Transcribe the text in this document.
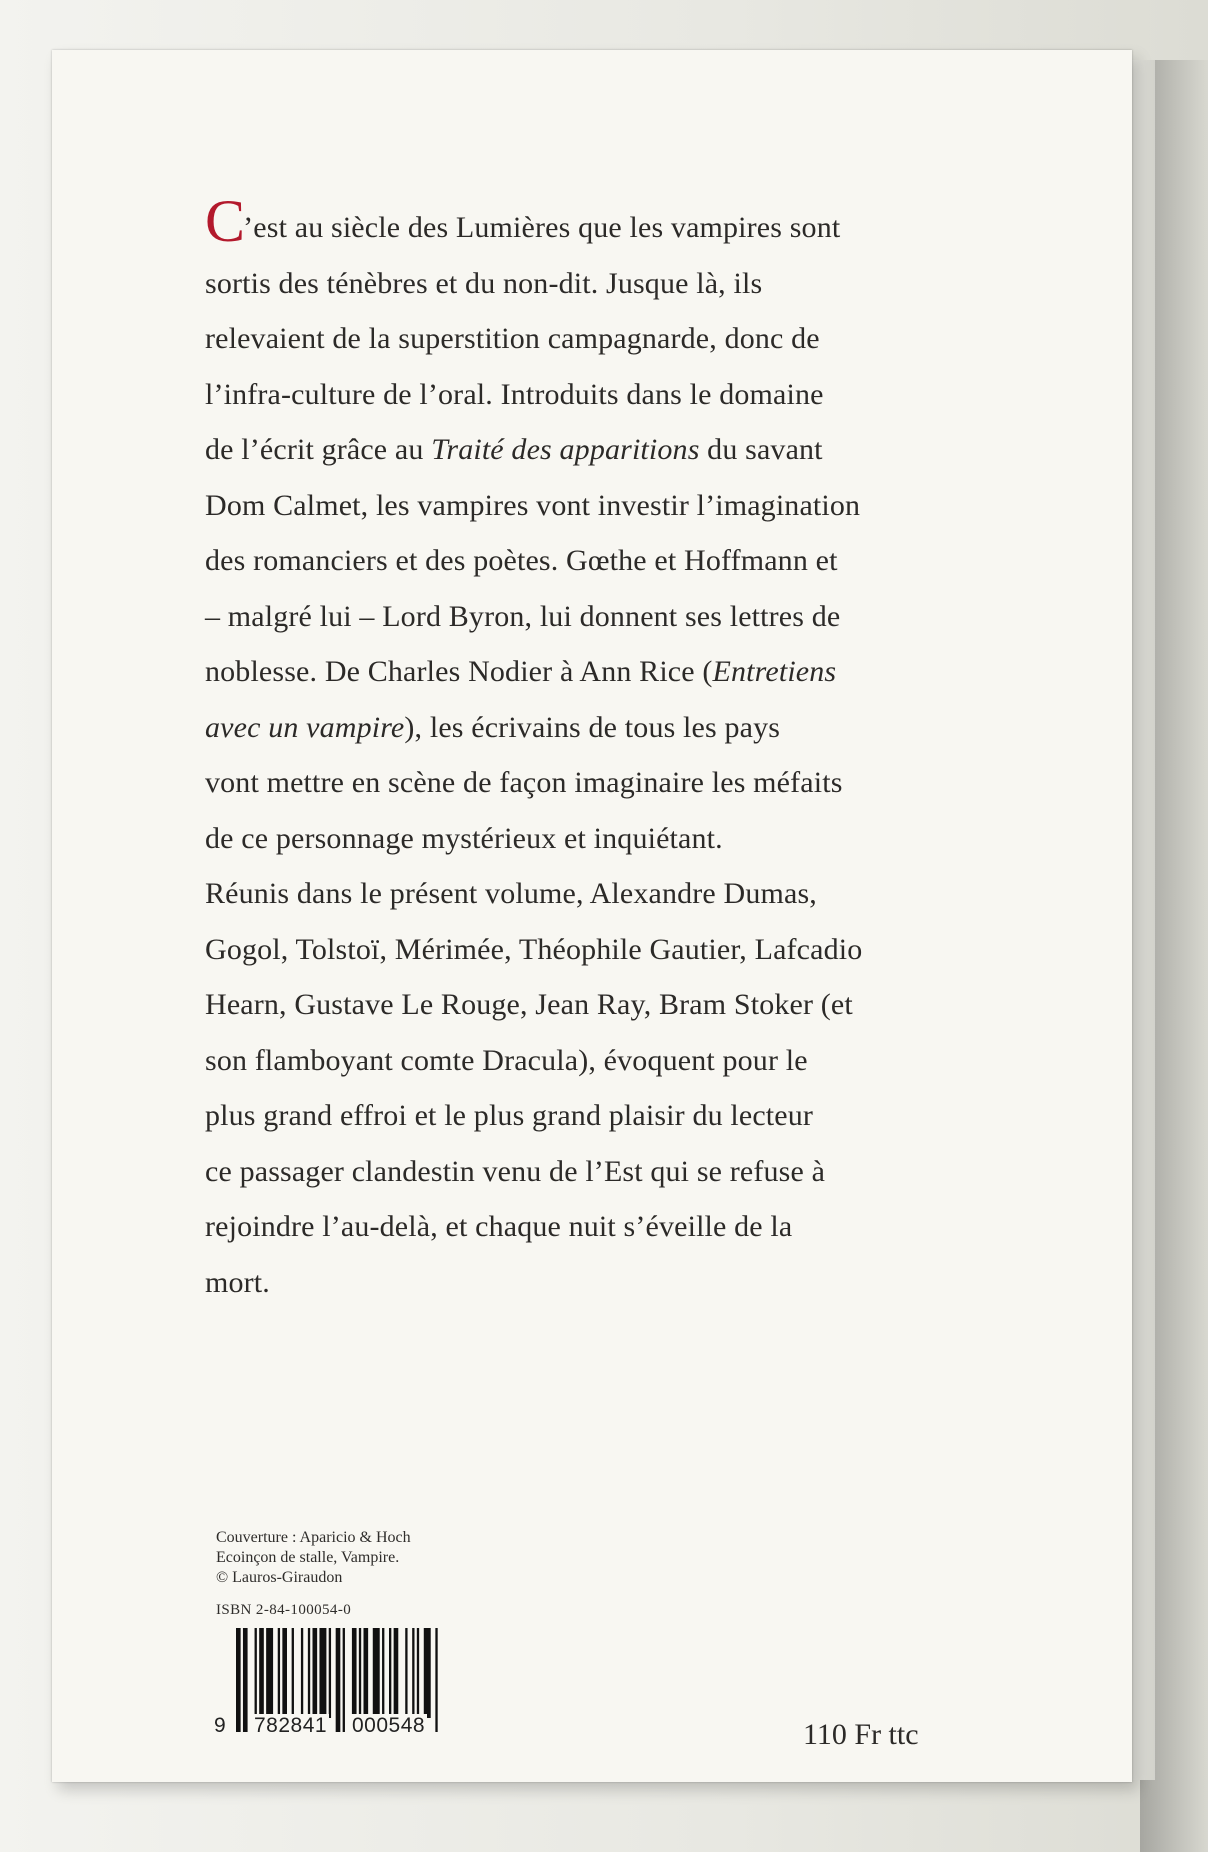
C’est au siècle des Lumières que les vampires sont
sortis des ténèbres et du non-dit. Jusque là, ils
relevaient de la superstition campagnarde, donc de
l’infra-culture de l’oral. Introduits dans le domaine
de l’écrit grâce au Traité des apparitions du savant
Dom Calmet, les vampires vont investir l’imagination
des romanciers et des poètes. Gœthe et Hoffmann et
– malgré lui – Lord Byron, lui donnent ses lettres de
noblesse. De Charles Nodier à Ann Rice (Entretiens
avec un vampire), les écrivains de tous les pays
vont mettre en scène de façon imaginaire les méfaits
de ce personnage mystérieux et inquiétant.
Réunis dans le présent volume, Alexandre Dumas,
Gogol, Tolstoï, Mérimée, Théophile Gautier, Lafcadio
Hearn, Gustave Le Rouge, Jean Ray, Bram Stoker (et
son flamboyant comte Dracula), évoquent pour le
plus grand effroi et le plus grand plaisir du lecteur
ce passager clandestin venu de l’Est qui se refuse à
rejoindre l’au-delà, et chaque nuit s’éveille de la
mort.

Couverture : Aparicio & Hoch
Ecoinçon de stalle, Vampire.
© Lauros-Giraudon
ISBN 2-84-100054-0
9 782841 000548	110 Fr ttc
